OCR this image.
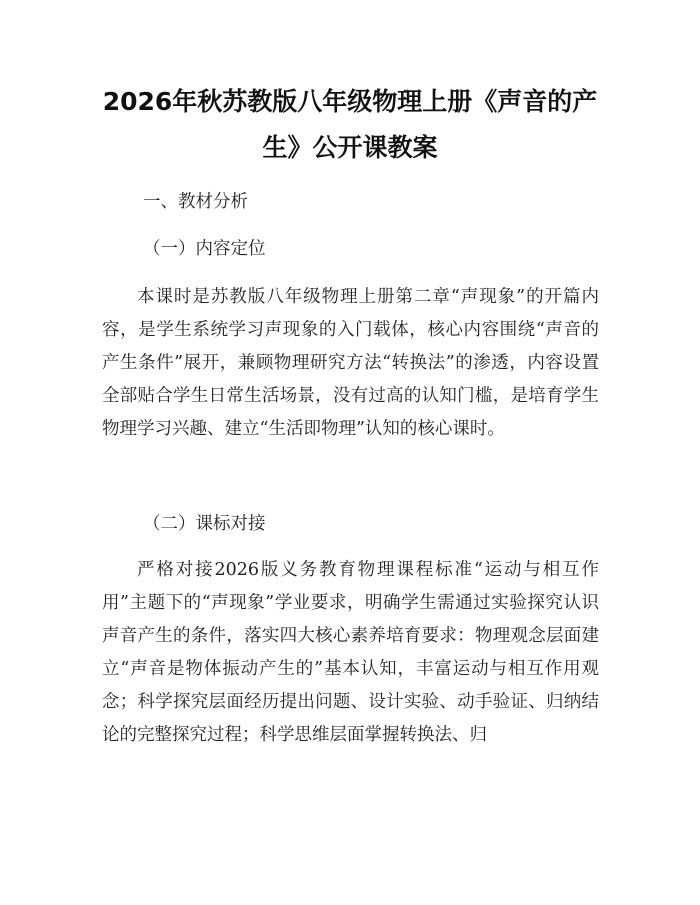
2026年秋苏教版八年级物理上册《声音的产
生》公开课教案
一、教材分析
（一）内容定位

本课时是苏教版八年级物理上册第二章“声现象”的开篇内容，是学生系统学习声现象的入门载体，核心内容围绕“声音的产生条件”展开，兼顾物理研究方法“转换法”的渗透，内容设置全部贴合学生日常生活场景，没有过高的认知门槛，是培育学生物理学习兴趣、建立“生活即物理”认知的核心课时。

（二）课标对接

严格对接2026版义务教育物理课程标准“运动与相互作用”主题下的“声现象”学业要求，明确学生需通过实验探究认识声音产生的条件，落实四大核心素养培育要求：物理观念层面建立“声音是物体振动产生的”基本认知，丰富运动与相互作用观念；科学探究层面经历提出问题、设计实验、动手验证、归纳结论的完整探究过程；科学思维层面掌握转换法、归
